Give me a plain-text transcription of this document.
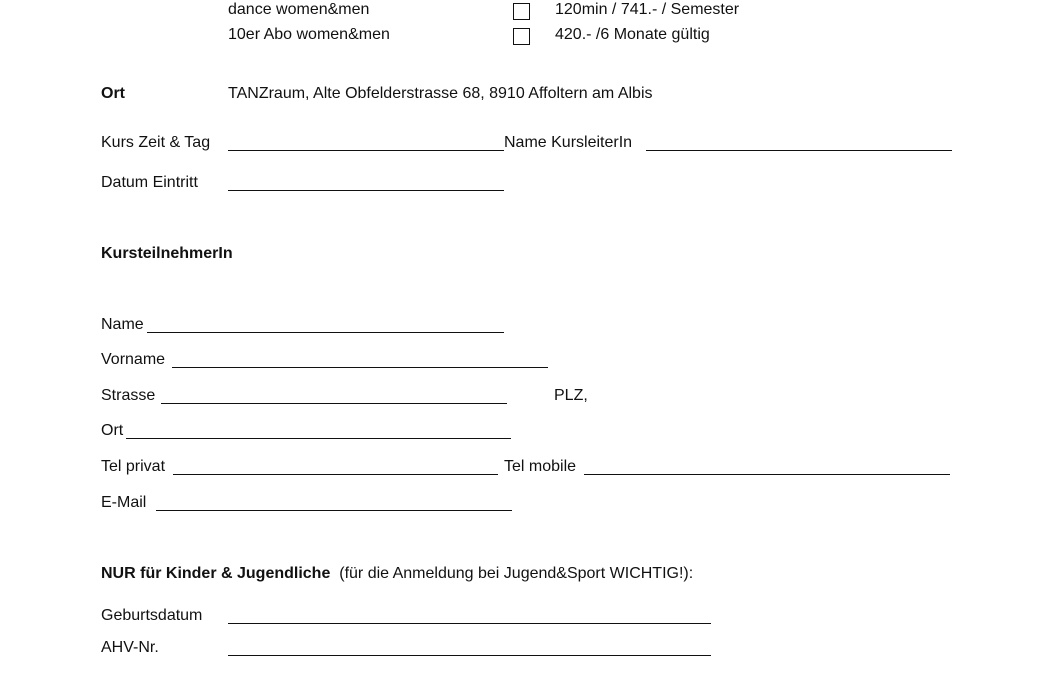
dance women&men	120min / 741.- / Semester
10er Abo women&men	420.- /6 Monate gültig
Ort	TANZraum, Alte Obfelderstrasse 68, 8910 Affoltern am Albis
Kurs Zeit & Tag	Name KursleiterIn
Datum Eintritt
KursteilnehmerIn
Name
Vorname
Strasse	PLZ,
Ort
Tel privat	Tel mobile
E-Mail
NUR für Kinder & Jugendliche (für die Anmeldung bei Jugend&Sport WICHTIG!):
Geburtsdatum
AHV-Nr.
